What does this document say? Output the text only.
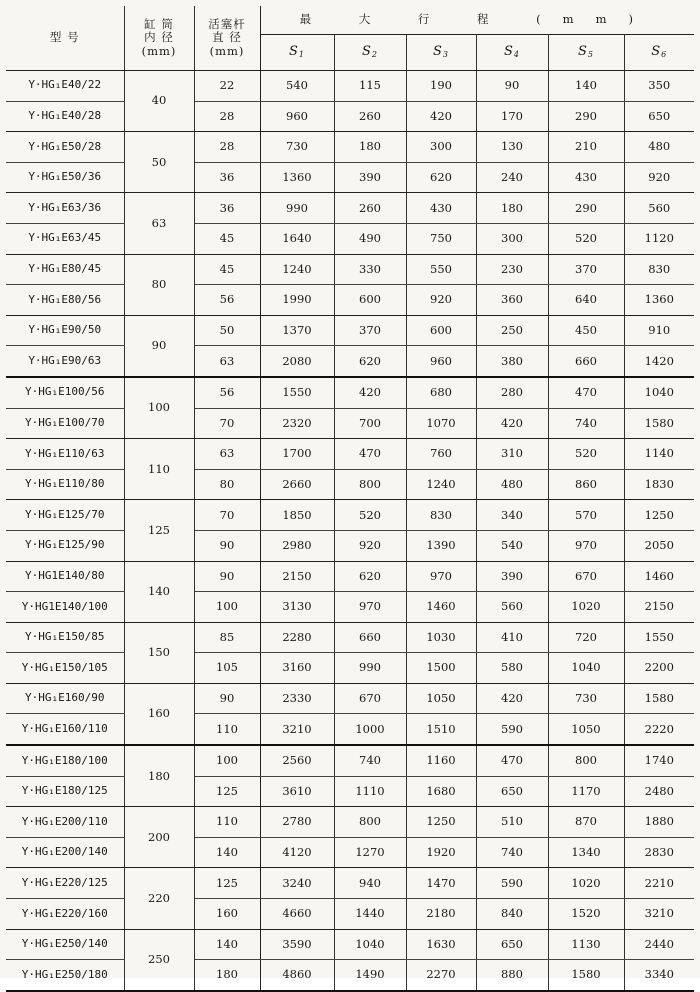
型 号	缸 筒
内 径
(mm)	活塞杆
直 径
(mm)	最 大 行 程 (mm)					
			$S_1$	$S_2$	$S_3$	$S_4$	$S_5$	$S_6$
Y·HG₁E40/22	40	22	540	115	190	90	140	350
Y·HG₁E40/28		28	960	260	420	170	290	650
Y·HG₁E50/28	50	28	730	180	300	130	210	480
Y·HG₁E50/36		36	1360	390	620	240	430	920
Y·HG₁E63/36	63	36	990	260	430	180	290	560
Y·HG₁E63/45		45	1640	490	750	300	520	1120
Y·HG₁E80/45	80	45	1240	330	550	230	370	830
Y·HG₁E80/56		56	1990	600	920	360	640	1360
Y·HG₁E90/50	90	50	1370	370	600	250	450	910
Y·HG₁E90/63		63	2080	620	960	380	660	1420
Y·HG₁E100/56	100	56	1550	420	680	280	470	1040
Y·HG₁E100/70		70	2320	700	1070	420	740	1580
Y·HG₁E110/63	110	63	1700	470	760	310	520	1140
Y·HG₁E110/80		80	2660	800	1240	480	860	1830
Y·HG₁E125/70	125	70	1850	520	830	340	570	1250
Y·HG₁E125/90		90	2980	920	1390	540	970	2050
Y·HG1E140/80	140	90	2150	620	970	390	670	1460
Y·HG1E140/100		100	3130	970	1460	560	1020	2150
Y·HG₁E150/85	150	85	2280	660	1030	410	720	1550
Y·HG₁E150/105		105	3160	990	1500	580	1040	2200
Y·HG₁E160/90	160	90	2330	670	1050	420	730	1580
Y·HG₁E160/110		110	3210	1000	1510	590	1050	2220
Y·HG₁E180/100	180	100	2560	740	1160	470	800	1740
Y·HG₁E180/125		125	3610	1110	1680	650	1170	2480
Y·HG₁E200/110	200	110	2780	800	1250	510	870	1880
Y·HG₁E200/140		140	4120	1270	1920	740	1340	2830
Y·HG₁E220/125	220	125	3240	940	1470	590	1020	2210
Y·HG₁E220/160		160	4660	1440	2180	840	1520	3210
Y·HG₁E250/140	250	140	3590	1040	1630	650	1130	2440
Y·HG₁E250/180		180	4860	1490	2270	880	1580	3340
